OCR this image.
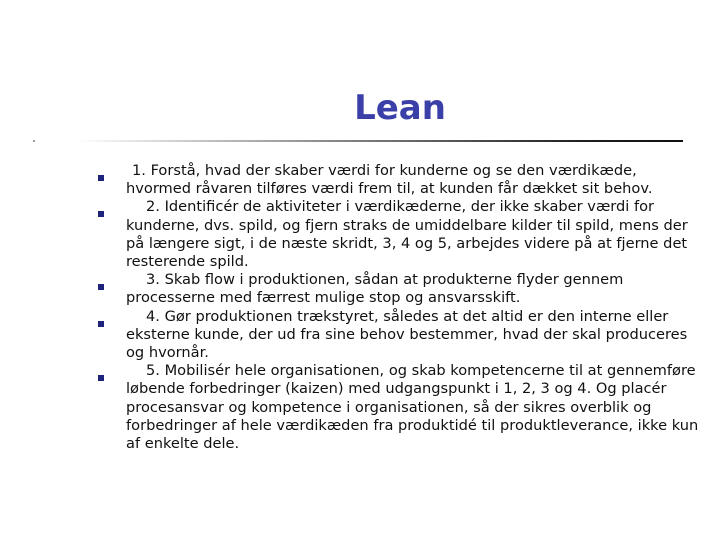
Lean
1. Forstå, hvad der skaber værdi for kunderne og se den værdikæde, hvormed råvaren tilføres værdi frem til, at kunden får dækket sit behov.
2. Identificér de aktiviteter i værdikæderne, der ikke skaber værdi for kunderne, dvs. spild, og fjern straks de umiddelbare kilder til spild, mens der på længere sigt, i de næste skridt, 3, 4 og 5, arbejdes videre på at fjerne det resterende spild.
3. Skab flow i produktionen, sådan at produkterne flyder gennem processerne med færrest mulige stop og ansvarsskift.
4. Gør produktionen trækstyret, således at det altid er den interne eller eksterne kunde, der ud fra sine behov bestemmer, hvad der skal produceres og hvornår.
5. Mobilisér hele organisationen, og skab kompetencerne til at gennemføre løbende forbedringer (kaizen) med udgangspunkt i 1, 2, 3 og 4. Og placér procesansvar og kompetence i organisationen, så der sikres overblik og forbedringer af hele værdikæden fra produktidé til produktleverance, ikke kun af enkelte dele.
